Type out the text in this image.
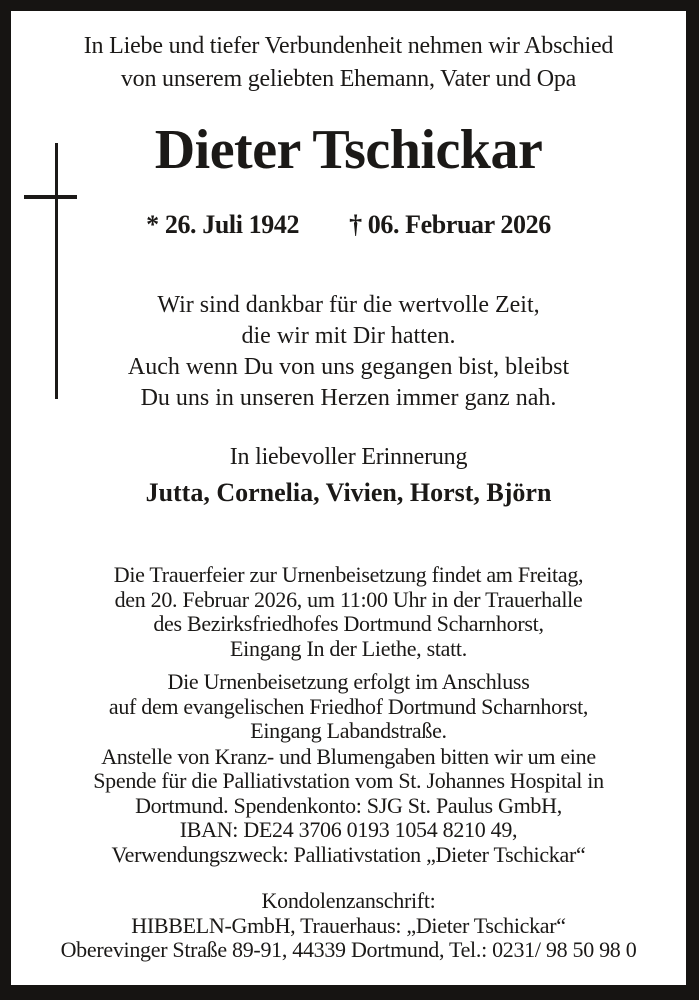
In Liebe und tiefer Verbundenheit nehmen wir Abschied
von unserem geliebten Ehemann, Vater und Opa
Dieter Tschickar
* 26. Juli 1942 † 06. Februar 2026
Wir sind dankbar für die wertvolle Zeit,
die wir mit Dir hatten.
Auch wenn Du von uns gegangen bist, bleibst
Du uns in unseren Herzen immer ganz nah.
In liebevoller Erinnerung
Jutta, Cornelia, Vivien, Horst, Björn
Die Trauerfeier zur Urnenbeisetzung findet am Freitag,
den 20. Februar 2026, um 11:00 Uhr in der Trauerhalle
des Bezirksfriedhofes Dortmund Scharnhorst,
Eingang In der Liethe, statt.
Die Urnenbeisetzung erfolgt im Anschluss
auf dem evangelischen Friedhof Dortmund Scharnhorst,
Eingang Labandstraße.
Anstelle von Kranz- und Blumengaben bitten wir um eine
Spende für die Palliativstation vom St. Johannes Hospital in
Dortmund. Spendenkonto: SJG St. Paulus GmbH,
IBAN: DE24 3706 0193 1054 8210 49,
Verwendungszweck: Palliativstation „Dieter Tschickar“
Kondolenzanschrift:
HIBBELN-GmbH, Trauerhaus: „Dieter Tschickar“
Oberevinger Straße 89-91, 44339 Dortmund, Tel.: 0231/ 98 50 98 0
